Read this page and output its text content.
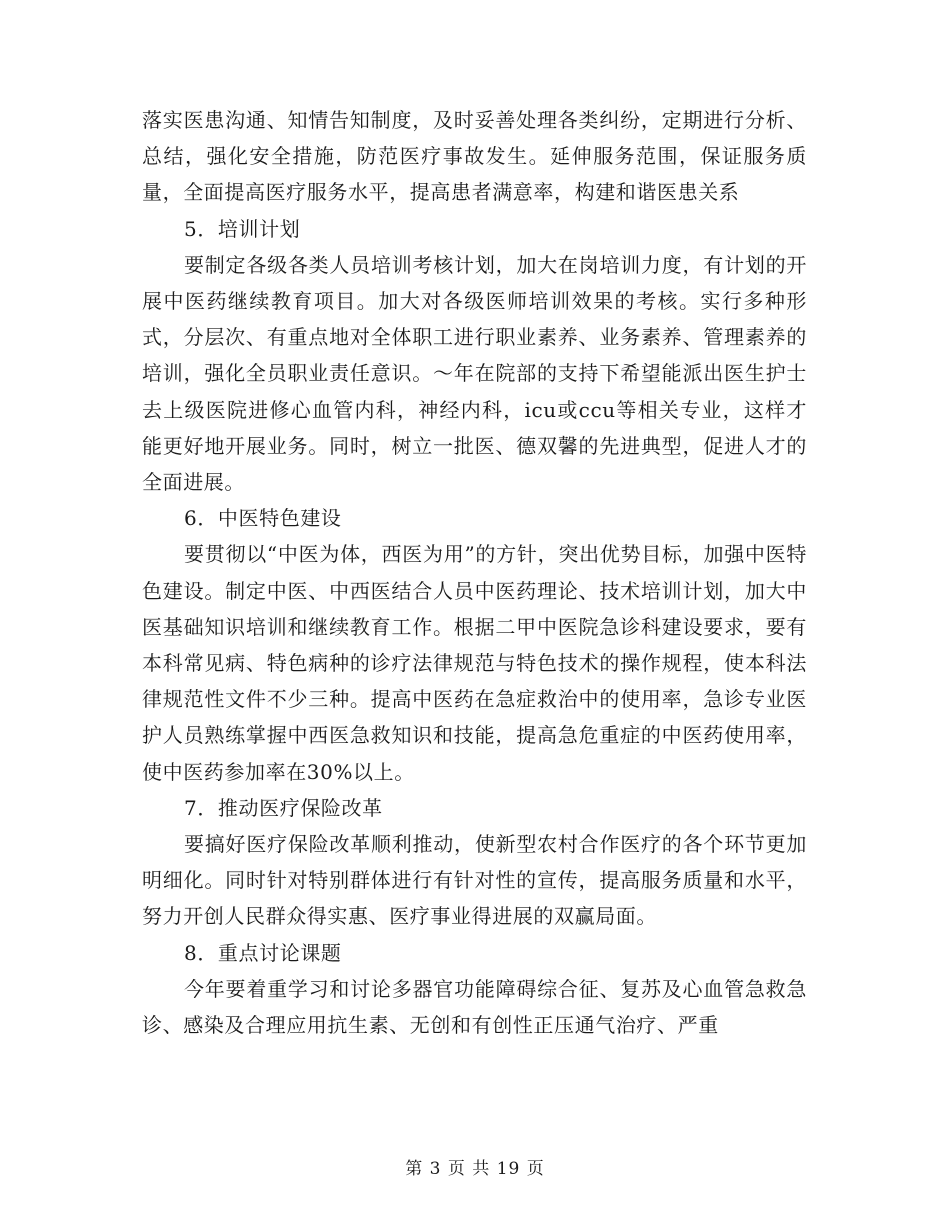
落实医患沟通、知情告知制度，及时妥善处理各类纠纷，定期进行分析、总结，强化安全措施，防范医疗事故发生。延伸服务范围，保证服务质量，全面提高医疗服务水平，提高患者满意率，构建和谐医患关系

5．培训计划

要制定各级各类人员培训考核计划，加大在岗培训力度，有计划的开展中医药继续教育项目。加大对各级医师培训效果的考核。实行多种形式，分层次、有重点地对全体职工进行职业素养、业务素养、管理素养的培训，强化全员职业责任意识。～年在院部的支持下希望能派出医生护士去上级医院进修心血管内科，神经内科，icu或ccu等相关专业，这样才能更好地开展业务。同时，树立一批医、德双馨的先进典型，促进人才的全面进展。

6．中医特色建设

要贯彻以“中医为体，西医为用”的方针，突出优势目标，加强中医特色建设。制定中医、中西医结合人员中医药理论、技术培训计划，加大中医基础知识培训和继续教育工作。根据二甲中医院急诊科建设要求，要有本科常见病、特色病种的诊疗法律规范与特色技术的操作规程，使本科法律规范性文件不少三种。提高中医药在急症救治中的使用率，急诊专业医护人员熟练掌握中西医急救知识和技能，提高急危重症的中医药使用率，使中医药参加率在30%以上。

7．推动医疗保险改革

要搞好医疗保险改革顺利推动，使新型农村合作医疗的各个环节更加明细化。同时针对特别群体进行有针对性的宣传，提高服务质量和水平，努力开创人民群众得实惠、医疗事业得进展的双赢局面。

8．重点讨论课题

今年要着重学习和讨论多器官功能障碍综合征、复苏及心血管急救急诊、感染及合理应用抗生素、无创和有创性正压通气治疗、严重

第 3 页 共 19 页
